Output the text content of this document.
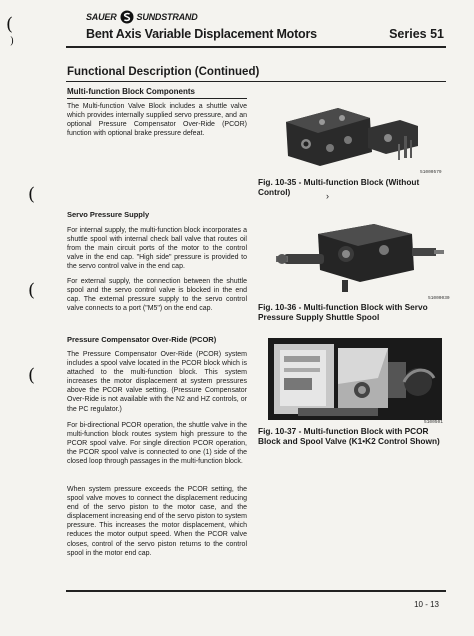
(
)
(
(
(
SAUER SUNDSTRAND
Bent Axis Variable Displacement Motors	Series 51
Functional Description (Continued)
Multi-function Block Components
The Multi-function Valve Block includes a shuttle valve which provides internally supplied servo pressure, and an optional Pressure Compensator Over-Ride (PCOR) function with optional brake pressure defeat.
Servo Pressure Supply
For internal supply, the multi-function block incorporates a shuttle spool with internal check ball valve that routes oil from the main circuit ports of the motor to the control valve in the end cap. "High side" pressure is provided to the servo control valve in the end cap.
For external supply, the connection between the shuttle spool and the servo control valve is blocked in the end cap. The external pressure supply to the servo control valve connects to a port ("M5") on the end cap.
Pressure Compensator Over-Ride (PCOR)
The Pressure Compensator Over-Ride (PCOR) system includes a spool valve located in the PCOR block which is attached to the multi-function block. This system increases the motor displacement at system pressures above the PCOR valve setting. (Pressure Compensator Over-Ride is not available with the N2 and HZ controls, or the PC regulator.)
For bi-directional PCOR operation, the shuttle valve in the multi-function block routes system high pressure to the PCOR spool valve. For single direction PCOR operation, the PCOR spool valve is connected to one (1) side of the closed loop through passages in the multi-function block.
When system pressure exceeds the PCOR setting, the spool valve moves to connect the displacement reducing end of the servo piston to the motor case, and the displacement increasing end of the servo piston to system pressure. This increases the motor displacement, which reduces the motor output speed. When the PCOR valve closes, control of the servo piston returns to the control spool in the motor end cap.
51000579
Fig. 10-35 - Multi-function Block (Without Control)	›
51000030
Fig. 10-36 - Multi-function Block with Servo Pressure Supply Shuttle Spool
5100501
Fig. 10-37 - Multi-function Block with PCOR Block and Spool Valve (K1•K2 Control Shown)
10 - 13
